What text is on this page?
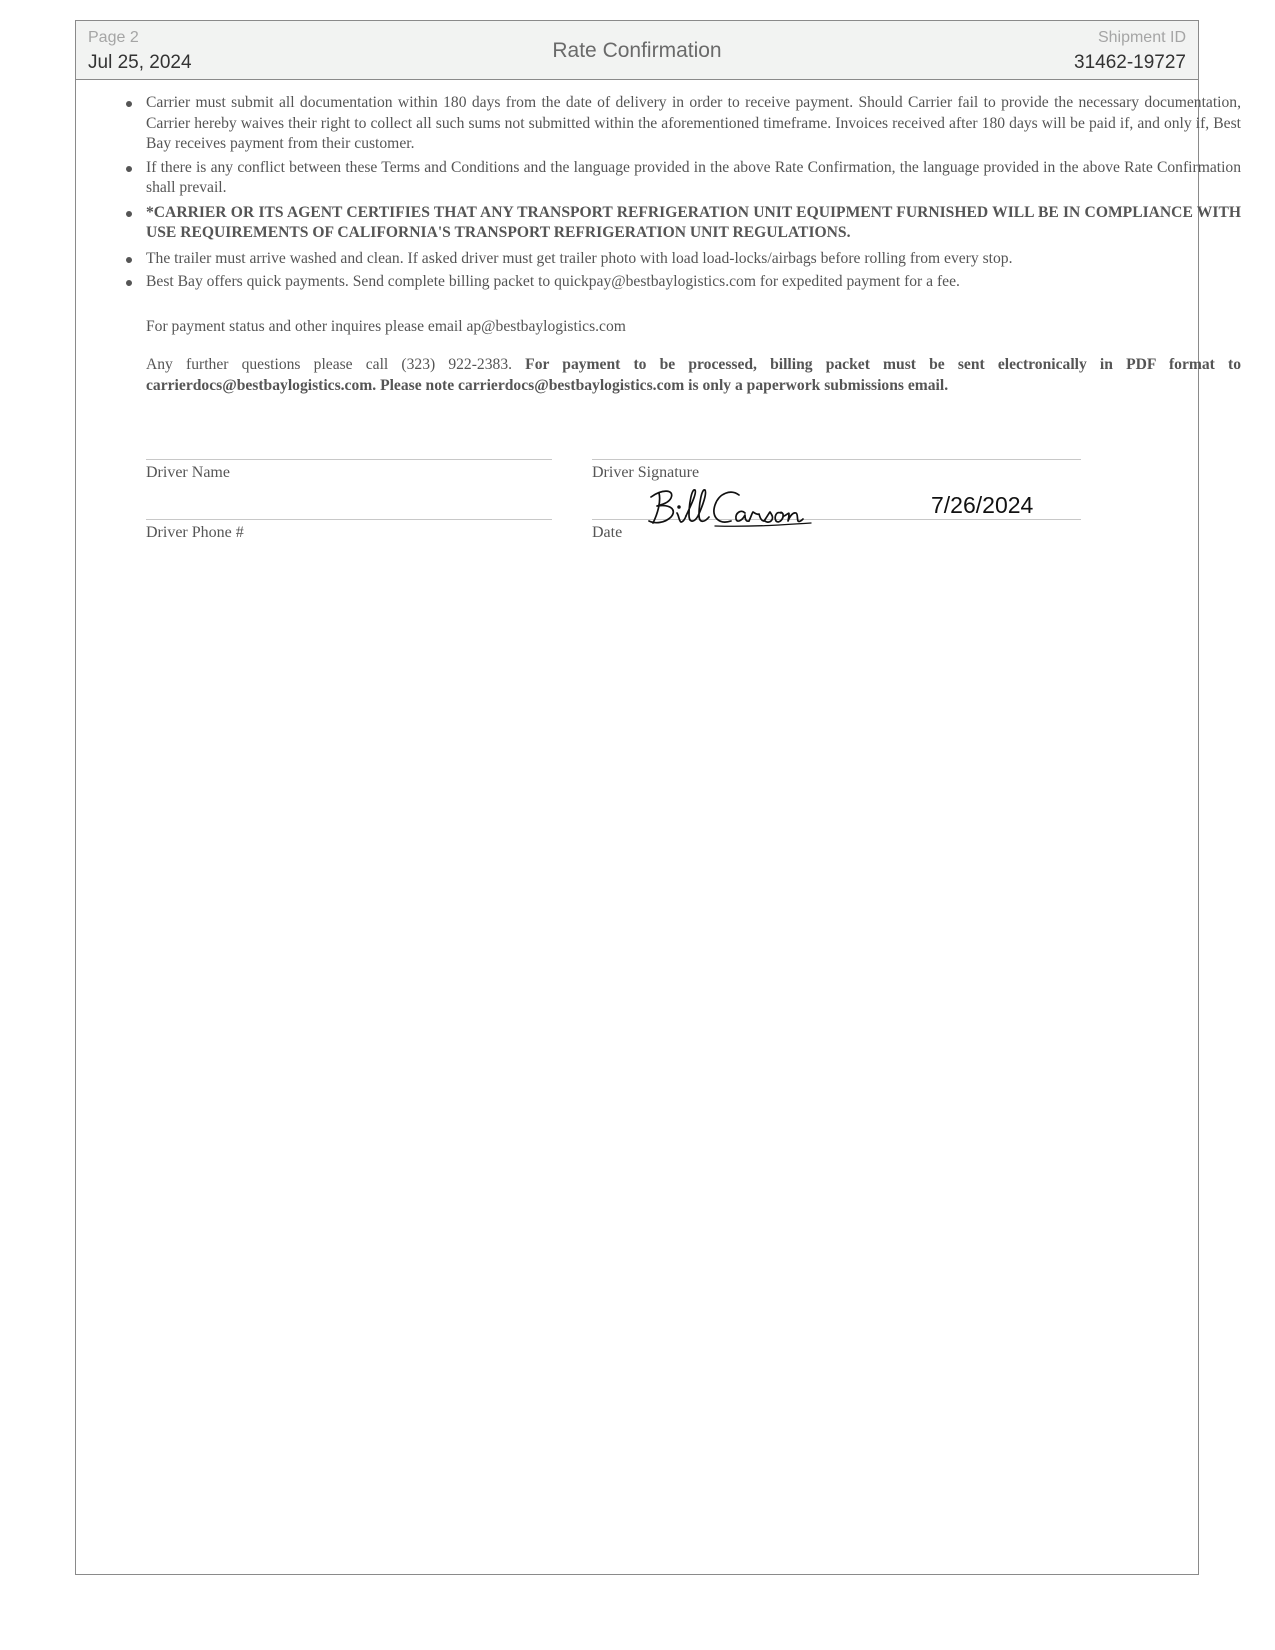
Page 2
Jul 25, 2024
Rate Confirmation
Shipment ID
31462-19727
Carrier must submit all documentation within 180 days from the date of delivery in order to receive payment. Should Carrier fail to provide the necessary documentation, Carrier hereby waives their right to collect all such sums not submitted within the aforementioned timeframe. Invoices received after 180 days will be paid if, and only if, Best Bay receives payment from their customer.
If there is any conflict between these Terms and Conditions and the language provided in the above Rate Confirmation, the language provided in the above Rate Confirmation shall prevail.
*CARRIER OR ITS AGENT CERTIFIES THAT ANY TRANSPORT REFRIGERATION UNIT EQUIPMENT FURNISHED WILL BE IN COMPLIANCE WITH USE REQUIREMENTS OF CALIFORNIA'S TRANSPORT REFRIGERATION UNIT REGULATIONS.
The trailer must arrive washed and clean. If asked driver must get trailer photo with load load-locks/airbags before rolling from every stop.
Best Bay offers quick payments. Send complete billing packet to quickpay@bestbaylogistics.com for expedited payment for a fee.

For payment status and other inquires please email ap@bestbaylogistics.com

Any further questions please call (323) 922-2383. For payment to be processed, billing packet must be sent electronically in PDF format to carrierdocs@bestbaylogistics.com. Please note carrierdocs@bestbaylogistics.com is only a paperwork submissions email.

Driver Name	Driver Signature
Driver Phone #	Date
7/26/2024
